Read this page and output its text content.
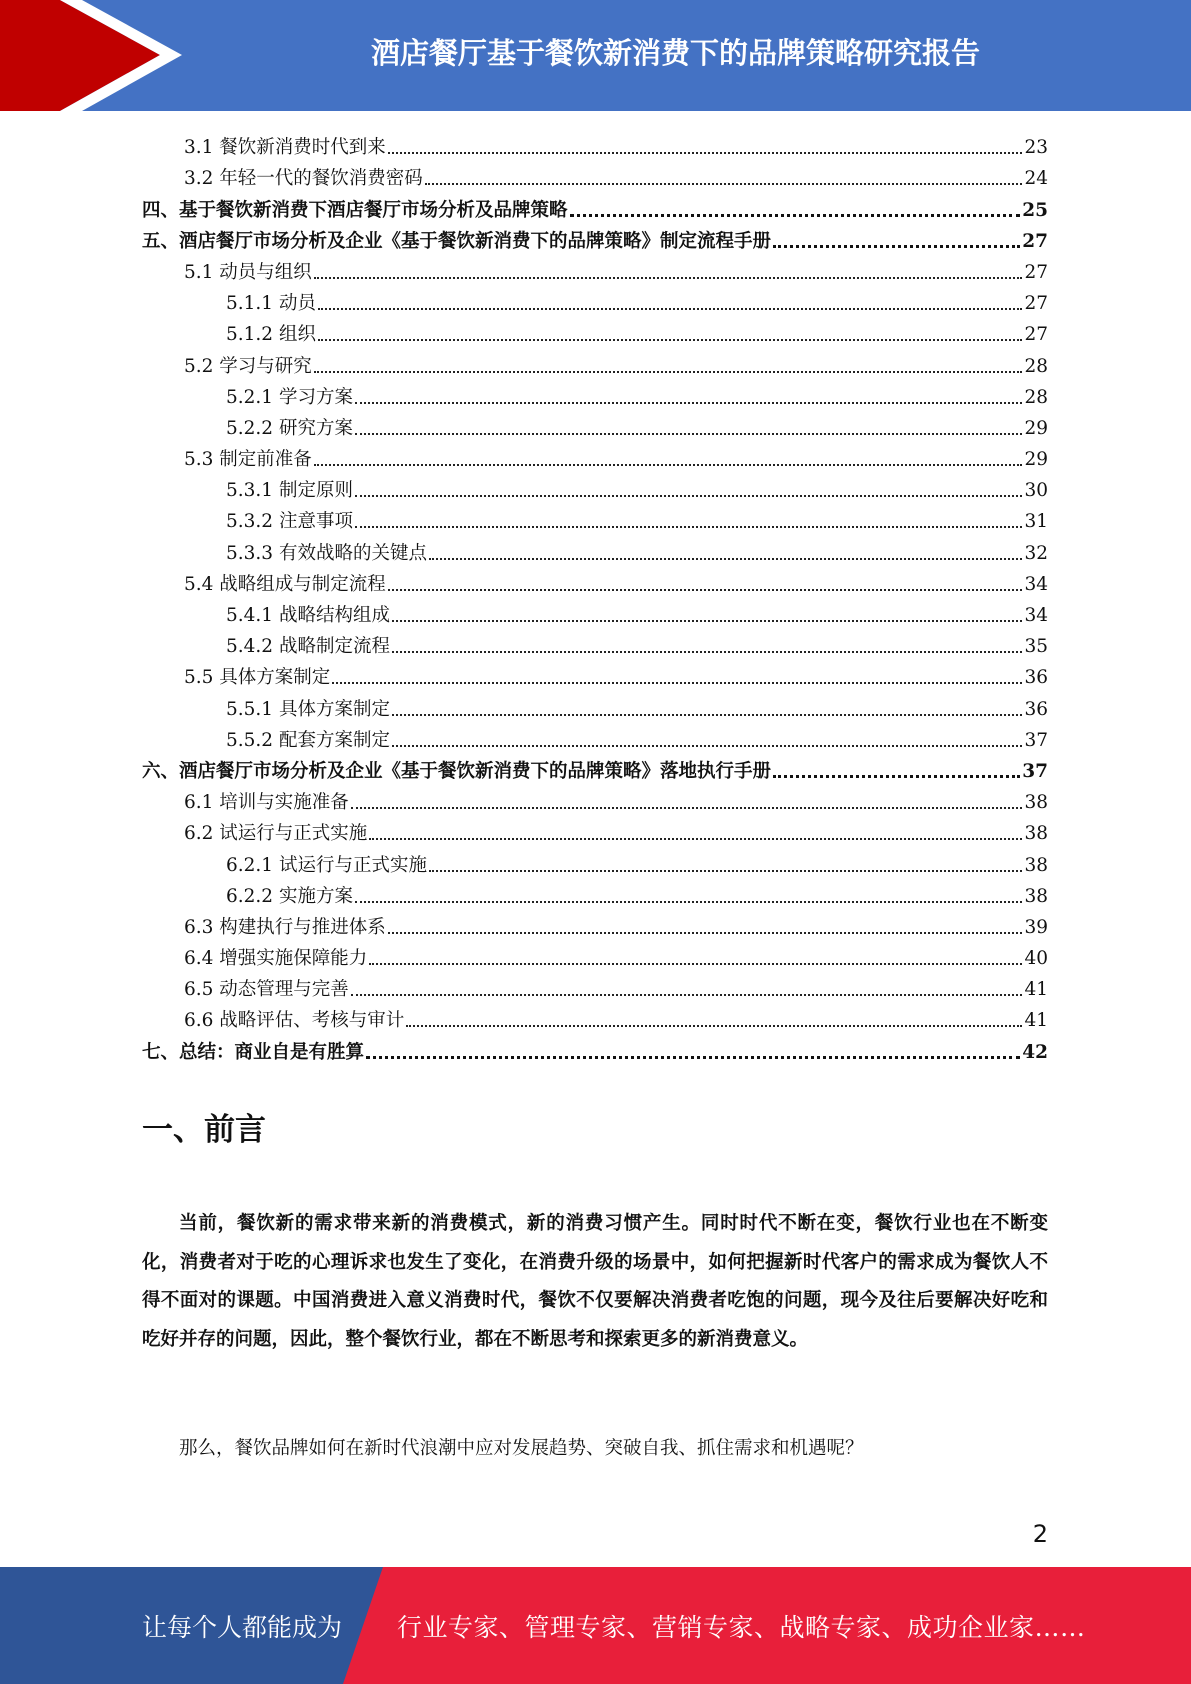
酒店餐厅基于餐饮新消费下的品牌策略研究报告
3.1 餐饮新消费时代到来	23
3.2 年轻一代的餐饮消费密码	24
四、基于餐饮新消费下酒店餐厅市场分析及品牌策略	25
五、酒店餐厅市场分析及企业《基于餐饮新消费下的品牌策略》制定流程手册	27
5.1 动员与组织	27
5.1.1 动员	27
5.1.2 组织	27
5.2 学习与研究	28
5.2.1 学习方案	28
5.2.2 研究方案	29
5.3 制定前准备	29
5.3.1 制定原则	30
5.3.2 注意事项	31
5.3.3 有效战略的关键点	32
5.4 战略组成与制定流程	34
5.4.1 战略结构组成	34
5.4.2 战略制定流程	35
5.5 具体方案制定	36
5.5.1 具体方案制定	36
5.5.2 配套方案制定	37
六、酒店餐厅市场分析及企业《基于餐饮新消费下的品牌策略》落地执行手册	37
6.1 培训与实施准备	38
6.2 试运行与正式实施	38
6.2.1 试运行与正式实施	38
6.2.2 实施方案	38
6.3 构建执行与推进体系	39
6.4 增强实施保障能力	40
6.5 动态管理与完善	41
6.6 战略评估、考核与审计	41
七、总结：商业自是有胜算	42
一、前言

当前，餐饮新的需求带来新的消费模式，新的消费习惯产生。同时时代不断在变，餐饮行业也在不断变化，消费者对于吃的心理诉求也发生了变化，在消费升级的场景中，如何把握新时代客户的需求成为餐饮人不得不面对的课题。中国消费进入意义消费时代，餐饮不仅要解决消费者吃饱的问题，现今及往后要解决好吃和吃好并存的问题，因此，整个餐饮行业，都在不断思考和探索更多的新消费意义。

那么，餐饮品牌如何在新时代浪潮中应对发展趋势、突破自我、抓住需求和机遇呢？

2
让每个人都能成为 行业专家、管理专家、营销专家、战略专家、成功企业家……
